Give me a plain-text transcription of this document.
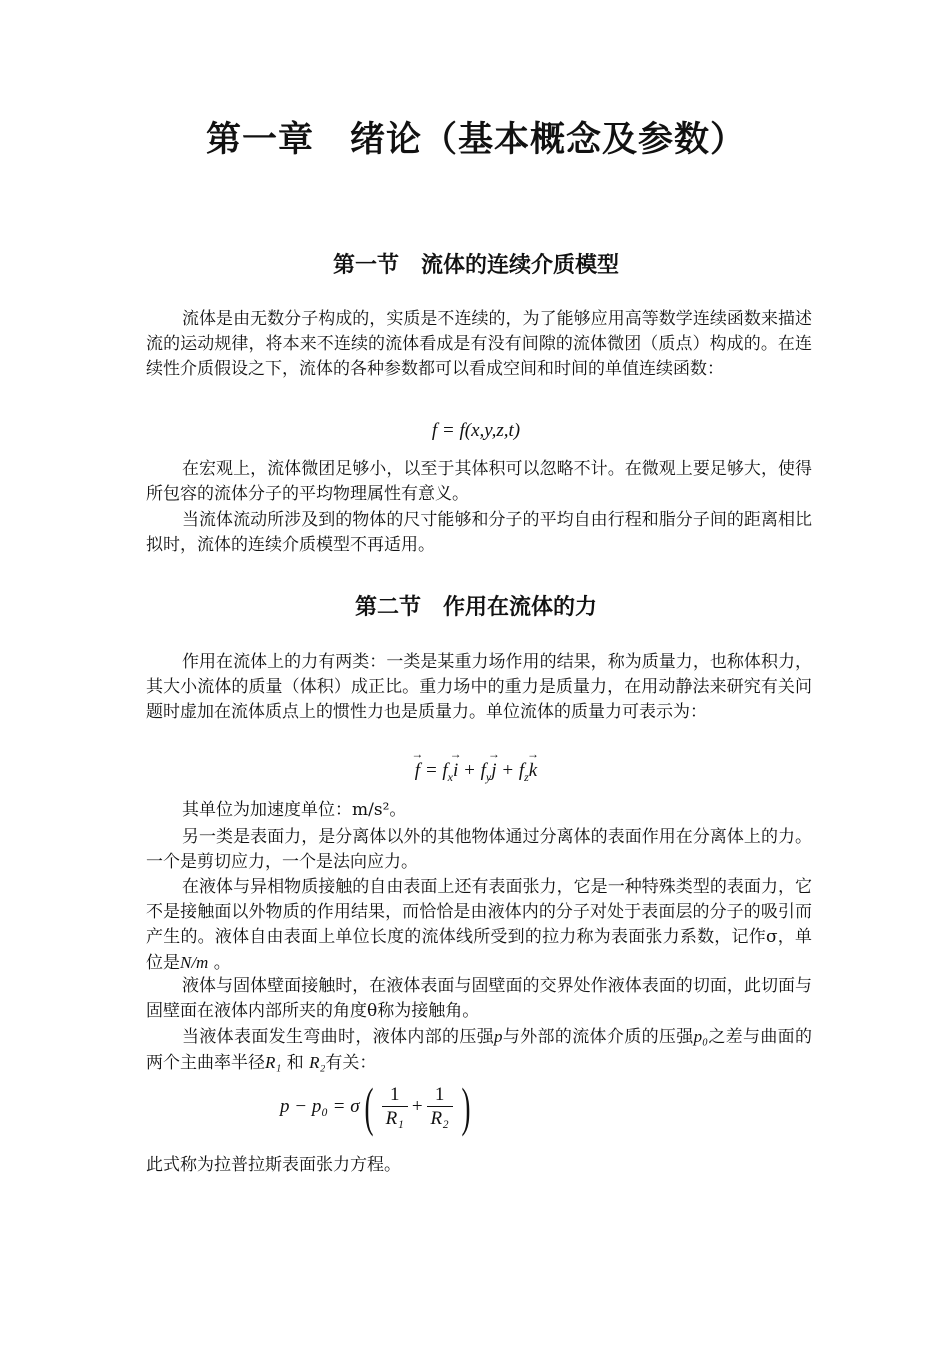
第一章　绪论（基本概念及参数）
第一节　流体的连续介质模型

流体是由无数分子构成的，实质是不连续的，为了能够应用高等数学连续函数来描述流的运动规律，将本来不连续的流体看成是有没有间隙的流体微团（质点）构成的。在连续性介质假设之下，流体的各种参数都可以看成空间和时间的单值连续函数：

f = f(x,y,z,t)

在宏观上，流体微团足够小，以至于其体积可以忽略不计。在微观上要足够大，使得所包容的流体分子的平均物理属性有意义。

当流体流动所涉及到的物体的尺寸能够和分子的平均自由行程和脂分子间的距离相比拟时，流体的连续介质模型不再适用。

第二节　作用在流体的力

作用在流体上的力有两类：一类是某重力场作用的结果，称为质量力，也称体积力，其大小流体的质量（体积）成正比。重力场中的重力是质量力，在用动静法来研究有关问题时虚加在流体质点上的惯性力也是质量力。单位流体的质量力可表示为：

→ $f = f_x\to i + f_y\to j + f_z\to k$

其单位为加速度单位：m/s²。

另一类是表面力，是分离体以外的其他物体通过分离体的表面作用在分离体上的力。一个是剪切应力，一个是法向应力。

在液体与异相物质接触的自由表面上还有表面张力，它是一种特殊类型的表面力，它不是接触面以外物质的作用结果，而恰恰是由液体内的分子对处于表面层的分子的吸引而产生的。液体自由表面上单位长度的流体线所受到的拉力称为表面张力系数，记作σ，单位是N/m 。

液体与固体壁面接触时，在液体表面与固壁面的交界处作液体表面的切面，此切面与固壁面在液体内部所夹的角度θ称为接触角。

当液体表面发生弯曲时，液体内部的压强p与外部的流体介质的压强p₀之差与曲面的两个主曲率半径R₁ 和 R₂有关：

p − p₀ = σ ( $\frac{1}{\text{R₁}} + \frac{1}{\text{R₂}}$ )

此式称为拉普拉斯表面张力方程。
